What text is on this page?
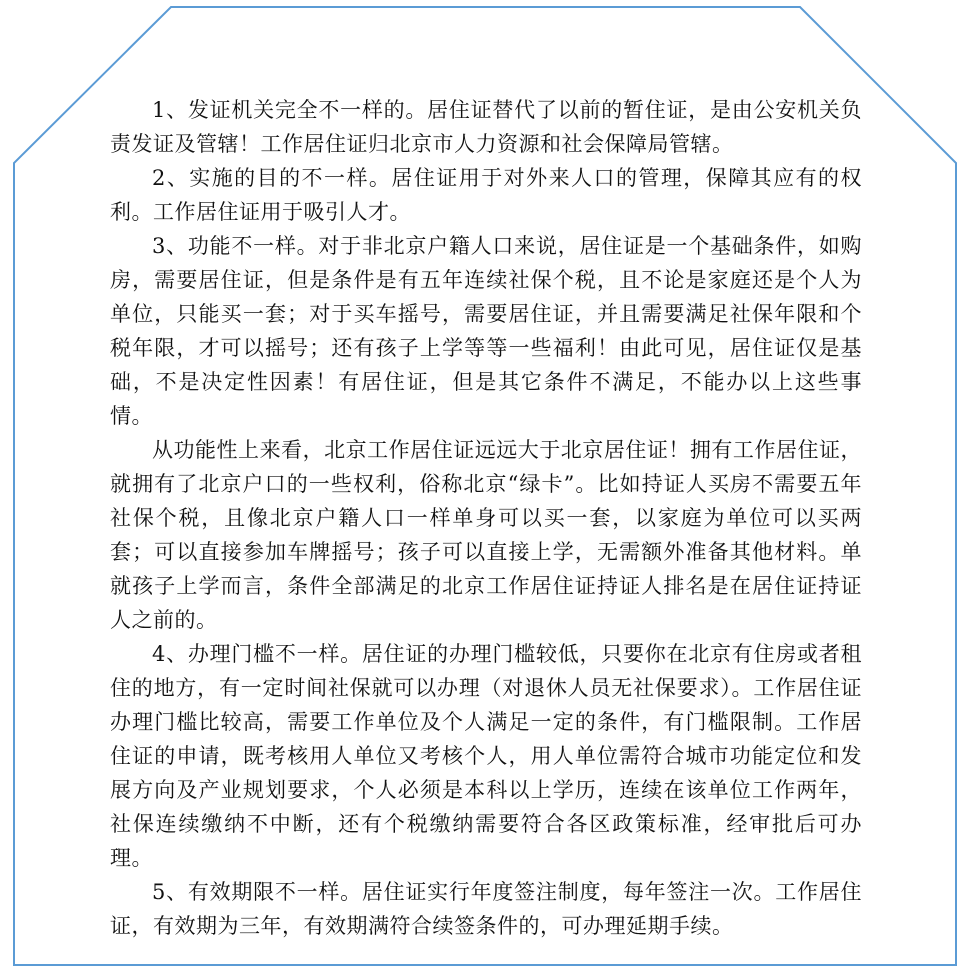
1、发证机关完全不一样的。居住证替代了以前的暂住证，是由公安机关负责发证及管辖！工作居住证归北京市人力资源和社会保障局管辖。

2、实施的目的不一样。居住证用于对外来人口的管理，保障其应有的权利。工作居住证用于吸引人才。

3、功能不一样。对于非北京户籍人口来说，居住证是一个基础条件，如购房，需要居住证，但是条件是有五年连续社保个税，且不论是家庭还是个人为单位，只能买一套；对于买车摇号，需要居住证，并且需要满足社保年限和个税年限，才可以摇号；还有孩子上学等等一些福利！由此可见，居住证仅是基础，不是决定性因素！有居住证，但是其它条件不满足，不能办以上这些事情。

从功能性上来看，北京工作居住证远远大于北京居住证！拥有工作居住证，就拥有了北京户口的一些权利，俗称北京“绿卡”。比如持证人买房不需要五年社保个税，且像北京户籍人口一样单身可以买一套，以家庭为单位可以买两套；可以直接参加车牌摇号；孩子可以直接上学，无需额外准备其他材料。单就孩子上学而言，条件全部满足的北京工作居住证持证人排名是在居住证持证人之前的。

4、办理门槛不一样。居住证的办理门槛较低，只要你在北京有住房或者租住的地方，有一定时间社保就可以办理（对退休人员无社保要求）。工作居住证办理门槛比较高，需要工作单位及个人满足一定的条件，有门槛限制。工作居住证的申请，既考核用人单位又考核个人，用人单位需符合城市功能定位和发展方向及产业规划要求，个人必须是本科以上学历，连续在该单位工作两年，社保连续缴纳不中断，还有个税缴纳需要符合各区政策标准，经审批后可办理。

5、有效期限不一样。居住证实行年度签注制度，每年签注一次。工作居住证，有效期为三年，有效期满符合续签条件的，可办理延期手续。
